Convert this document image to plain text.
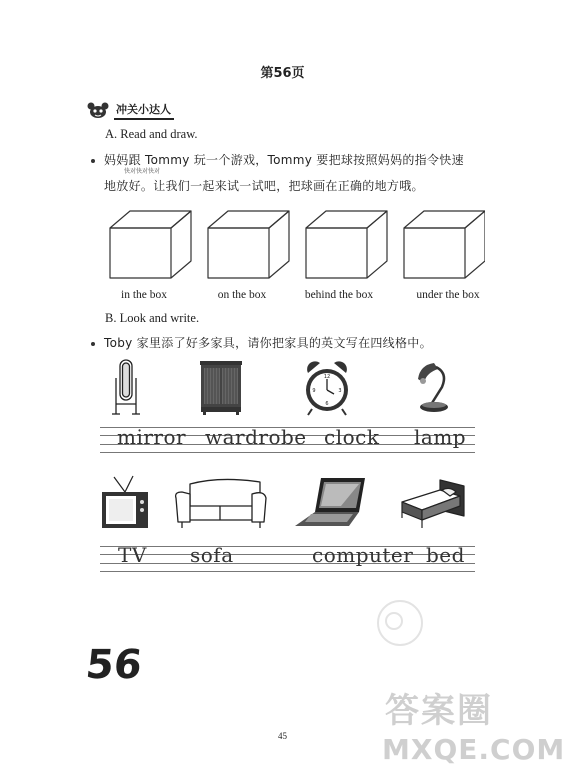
第56页
冲关小达人
A. Read and draw.
妈妈跟 Tommy 玩一个游戏，Tommy 要把球按照妈妈的指令快速
地放好。让我们一起来试一试吧，把球画在正确的地方哦。
快对快对快对
in the box	on the box	behind the box	under the box
B. Look and write.
Toby 家里添了好多家具，请你把家具的英文写在四线格中。
12
3
6
9
mirror wardrobe clock lamp
TV sofa	computer bed
56
45
答案圈
MXQE.COM
